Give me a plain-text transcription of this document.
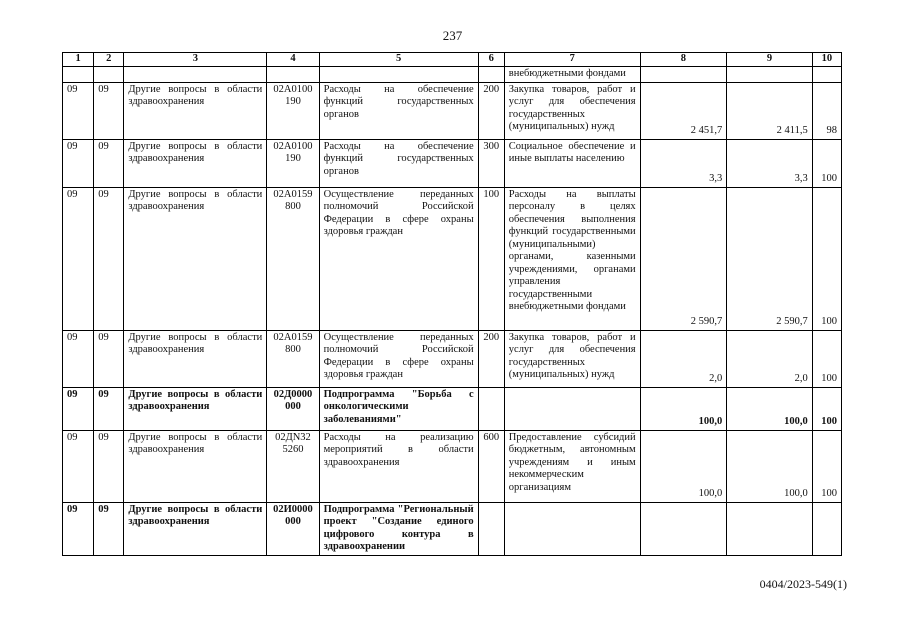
237
1	2	3	4	5	6	7	8	9	10
						внебюджетными фондами			
09	09	Другие вопросы в области здравоохранения	02А0100 190	Расходы на обеспечение функций государственных органов	200	Закупка товаров, работ и услуг для обеспечения государственных (муниципальных) нужд	2 451,7	2 411,5	98
09	09	Другие вопросы в области здравоохранения	02А0100 190	Расходы на обеспечение функций государственных органов	300	Социальное обеспечение и иные выплаты населению	3,3	3,3	100
09	09	Другие вопросы в области здравоохранения	02А0159 800	Осуществление переданных полномочий Российской Федерации в сфере охраны здоровья граждан	100	Расходы на выплаты персоналу в целях обеспечения выполнения функций государственными (муниципальными) органами, казенными учреждениями, органами управления государственными внебюджетными фондами	2 590,7	2 590,7	100
09	09	Другие вопросы в области здравоохранения	02А0159 800	Осуществление переданных полномочий Российской Федерации в сфере охраны здоровья граждан	200	Закупка товаров, работ и услуг для обеспечения государственных (муниципальных) нужд	2,0	2,0	100
09	09	Другие вопросы в области здравоохранения	02Д0000 000	Подпрограмма "Борьба с онкологическими заболеваниями"			100,0	100,0	100
09	09	Другие вопросы в области здравоохранения	02ДN32 5260	Расходы на реализацию мероприятий в области здравоохранения	600	Предоставление субсидий бюджетным, автономным учреждениям и иным некоммерческим организациям	100,0	100,0	100
09	09	Другие вопросы в области здравоохранения	02И0000 000	Подпрограмма "Региональный проект "Создание единого цифрового контура в здравоохранении					
0404/2023-549(1)
